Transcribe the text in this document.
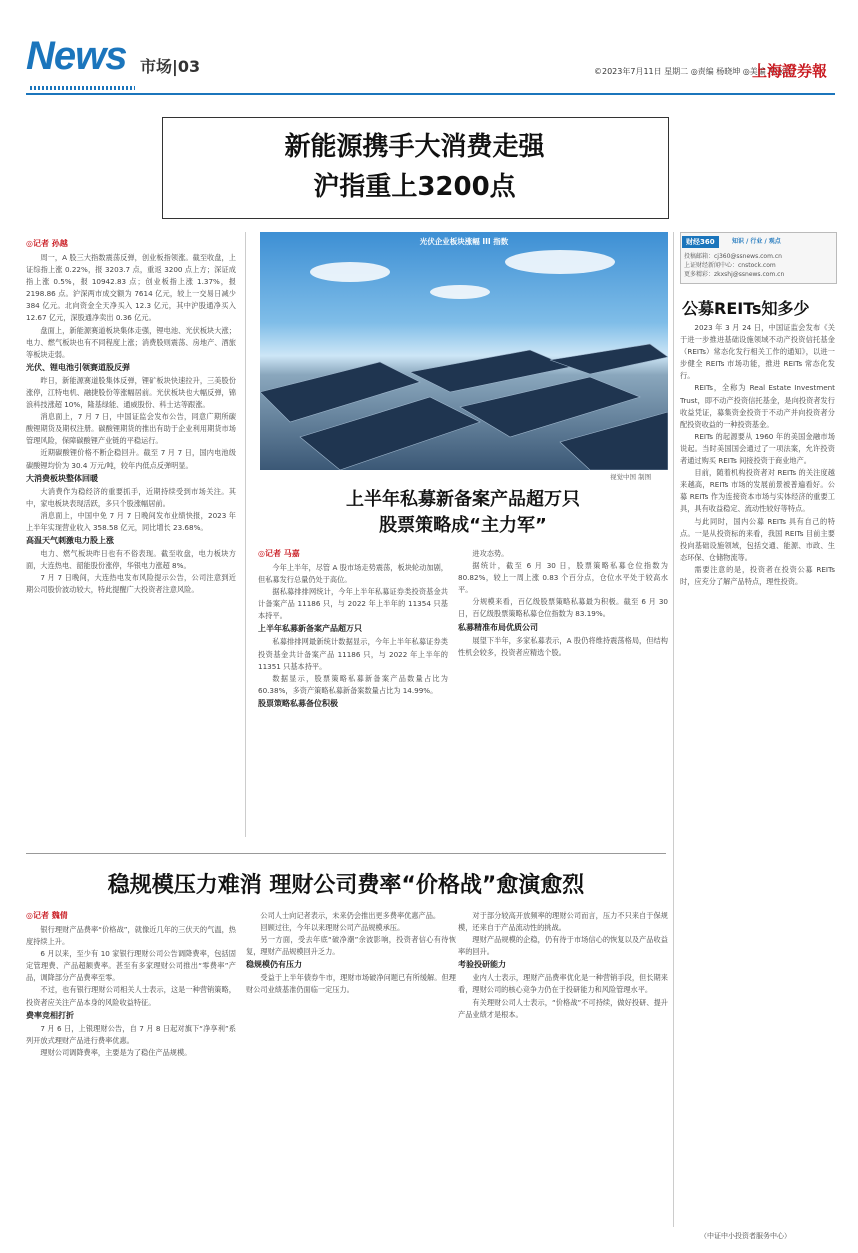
News 市场|03	©2023年7月11日 星期二 ◎责编 杨晓坤 ◎美编 何永欣
上海證券報
新能源携手大消费走强
沪指重上3200点
◎记者 孙越

周一，A 股三大指数震荡反弹，创业板指领涨。截至收盘，上证综指上涨 0.22%，报 3203.7 点，重返 3200 点上方；深证成指上涨 0.5%，报 10942.83 点；创业板指上涨 1.37%，报 2198.86 点。沪深两市成交额为 7614 亿元，较上一交易日减少 384 亿元。北向资金全天净买入 12.3 亿元，其中沪股通净买入 12.67 亿元，深股通净卖出 0.36 亿元。

盘面上，新能源赛道板块集体走强，锂电池、光伏板块大涨；电力、燃气板块也有不同程度上涨；消费股则震荡、房地产、酒旅等板块走弱。

光伏、锂电池引领赛道股反弹

昨日，新能源赛道股集体反弹，锂矿板块快速拉升，三美股份涨停，江特电机、融捷股份等涨幅居前。光伏板块也大幅反弹，锦浪科技涨超 10%，隆基绿能、通威股份、科士达等跟涨。

消息面上，7 月 7 日，中国证监会发布公告，同意广期所碳酸锂期货及期权注册。碳酸锂期货的推出有助于企业利用期货市场管理风险，保障碳酸锂产业链的平稳运行。

近期碳酸锂价格不断企稳回升。截至 7 月 7 日，国内电池级碳酸锂均价为 30.4 万元/吨，较年内低点反弹明显。

大消费板块整体回暖

大消费作为稳经济的重要抓手，近期持续受到市场关注。其中，家电板块表现活跃，多只个股涨幅居前。

消息面上，中国中免 7 月 7 日晚间发布业绩快报，2023 年上半年实现营业收入 358.58 亿元，同比增长 23.68%。

高温天气刺激电力股上涨

电力、燃气板块昨日也有不俗表现。截至收盘，电力板块方面，大连热电、韶能股份涨停，华银电力涨超 8%。

7 月 7 日晚间，大连热电发布风险提示公告，公司注意到近期公司股价波动较大，特此提醒广大投资者注意风险。

光伏企业板块涨幅 III 指数
视觉中国 制图
上半年私募新备案产品超万只
股票策略成“主力军”
◎记者 马嘉

今年上半年，尽管 A 股市场走势震荡，板块轮动加剧，但私募发行总量仍处于高位。

据私募排排网统计，今年上半年私募证券类投资基金共计备案产品 11186 只，与 2022 年上半年的 11354 只基本持平。

上半年私募新备案产品超万只

私募排排网最新统计数据显示，今年上半年私募证券类投资基金共计备案产品 11186 只，与 2022 年上半年的 11351 只基本持平。

数据显示，股票策略私募新备案产品数量占比为 60.38%，多资产策略私募新备案数量占比为 14.99%。

股票策略私募备位积极

进攻态势。

据统计，截至 6 月 30 日，股票策略私募仓位指数为 80.82%，较上一周上涨 0.83 个百分点，仓位水平处于较高水平。

分规模来看，百亿级股票策略私募最为积极。截至 6 月 30 日，百亿级股票策略私募仓位指数为 83.19%。

私募精准布局优质公司

展望下半年，多家私募表示，A 股仍将维持震荡格局，但结构性机会较多，投资者应精选个股。

财经360	知识 / 行业 / 观点
投稿邮箱：cj360@ssnews.com.cn
上证财经新闻中心：cnstock.com
更多精彩：zkxshj@ssnews.com.cn
公募REITs知多少

2023 年 3 月 24 日，中国证监会发布《关于进一步推进基础设施领域不动产投资信托基金（REITs）常态化发行相关工作的通知》，以进一步健全 REITs 市场功能，推进 REITs 常态化发行。

REITs，全称为 Real Estate Investment Trust，即不动产投资信托基金，是向投资者发行收益凭证，募集资金投资于不动产并向投资者分配投资收益的一种投资基金。

REITs 的起源要从 1960 年的美国金融市场说起。当时美国国会通过了一项法案，允许投资者通过购买 REITs 间接投资于商业地产。

目前，随着机构投资者对 REITs 的关注度越来越高，REITs 市场的发展前景被普遍看好。公募 REITs 作为连接资本市场与实体经济的重要工具，具有收益稳定、流动性较好等特点。

与此同时，国内公募 REITs 具有自己的特点。一是从投资标的来看，我国 REITs 目前主要投向基础设施领域，包括交通、能源、市政、生态环保、仓储物流等。

需要注意的是，投资者在投资公募 REITs 时，应充分了解产品特点，理性投资。

（中证中小投资者服务中心）
稳规模压力难消 理财公司费率“价格战”愈演愈烈
◎记者 魏倩

银行理财产品费率“价格战”，就像近几年的三伏天的气温，热度持续上升。

6 月以来，至少有 10 家银行理财公司公告调降费率，包括固定管理费、产品超额费率。甚至有多家理财公司推出“零费率”产品，调降部分产品费率至零。

不过，也有银行理财公司相关人士表示，这是一种营销策略，投资者应关注产品本身的风险收益特征。

费率竞相打折

7 月 6 日，上银理财公告，自 7 月 8 日起对旗下“净享利”系列开放式理财产品进行费率优惠。

理财公司调降费率，主要是为了稳住产品规模。

公司人士向记者表示，未来仍会推出更多费率优惠产品。

回顾过往，今年以来理财公司产品规模承压。

另一方面，受去年底“破净潮”余波影响，投资者信心有待恢复，理财产品规模回升乏力。

稳规模仍有压力

受益于上半年债券牛市，理财市场破净问题已有所缓解。但理财公司业绩基准仍面临一定压力。

对于部分较高开放频率的理财公司而言，压力不只来自于保规模，还来自于产品流动性的挑战。

理财产品规模的企稳，仍有待于市场信心的恢复以及产品收益率的回升。

考验投研能力

业内人士表示，理财产品费率优化是一种营销手段，但长期来看，理财公司的核心竞争力仍在于投研能力和风险管理水平。

有关理财公司人士表示，“价格战”不可持续，做好投研、提升产品业绩才是根本。
